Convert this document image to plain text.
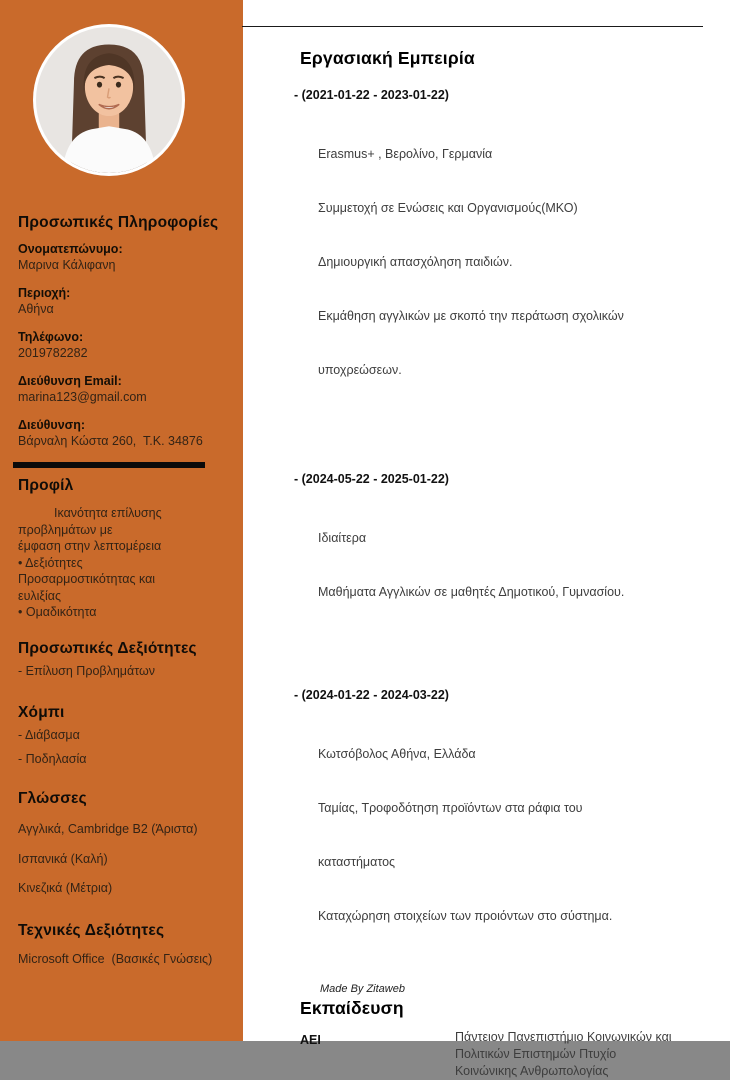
Προσωπικές Πληροφορίες
Ονοματεπώνυμο:
Μαρινα Κάλιφανη
Περιοχή:
Αθήνα
Τηλέφωνο:
2019782282
Διεύθυνση Email:
marina123@gmail.com
Διεύθυνση:
Βάρναλη Κώστα 260,  Τ.Κ. 34876
Προφίλ
Ικανότητα επίλυσης
προβλημάτων με
έμφαση στην λεπτομέρεια
• Δεξιότητες
Προσαρμοστικότητας και
ευλιξίας
• Ομαδικότητα
Προσωπικές Δεξιότητες
- Επίλυση Προβλημάτων
Χόμπι
- Διάβασμα
- Ποδηλασία
Γλώσσες
Αγγλικά, Cambridge B2 (Άριστα)
Ισπανικά (Καλή)
Κινεζικά (Μέτρια)
Τεχνικές Δεξιότητες
Microsoft Office  (Βασικές Γνώσεις)
Εργασιακή Εμπειρία
- (2021-01-22 - 2023-01-22)

Erasmus+ , Βερολίνο, Γερμανία

Συμμετοχή σε Ενώσεις και Οργανισμούς(ΜΚΟ)

Δημιουργική απασχόληση παιδιών.

Εκμάθηση αγγλικών με σκοπό την περάτωση σχολικών

υποχρεώσεων.

- (2024-05-22 - 2025-01-22)

Ιδιαίτερα

Μαθήματα Αγγλικών σε μαθητές Δημοτικού, Γυμνασίου.

- (2024-01-22 - 2024-03-22)

Κωτσόβολος Αθήνα, Ελλάδα

Ταμίας, Τροφοδότηση προϊόντων στα ράφια του

καταστήματος

Καταχώρηση στοιχείων των προιόντων στο σύστημα.

Εκπαίδευση
ΑΕΙ	Πάντειον Πανεπιστήμιο Κοινωνικών και
Πολιτικών Επιστημών Πτυχίο
Κοινώνικης Ανθρωπολογίας
Made By Zitaweb
